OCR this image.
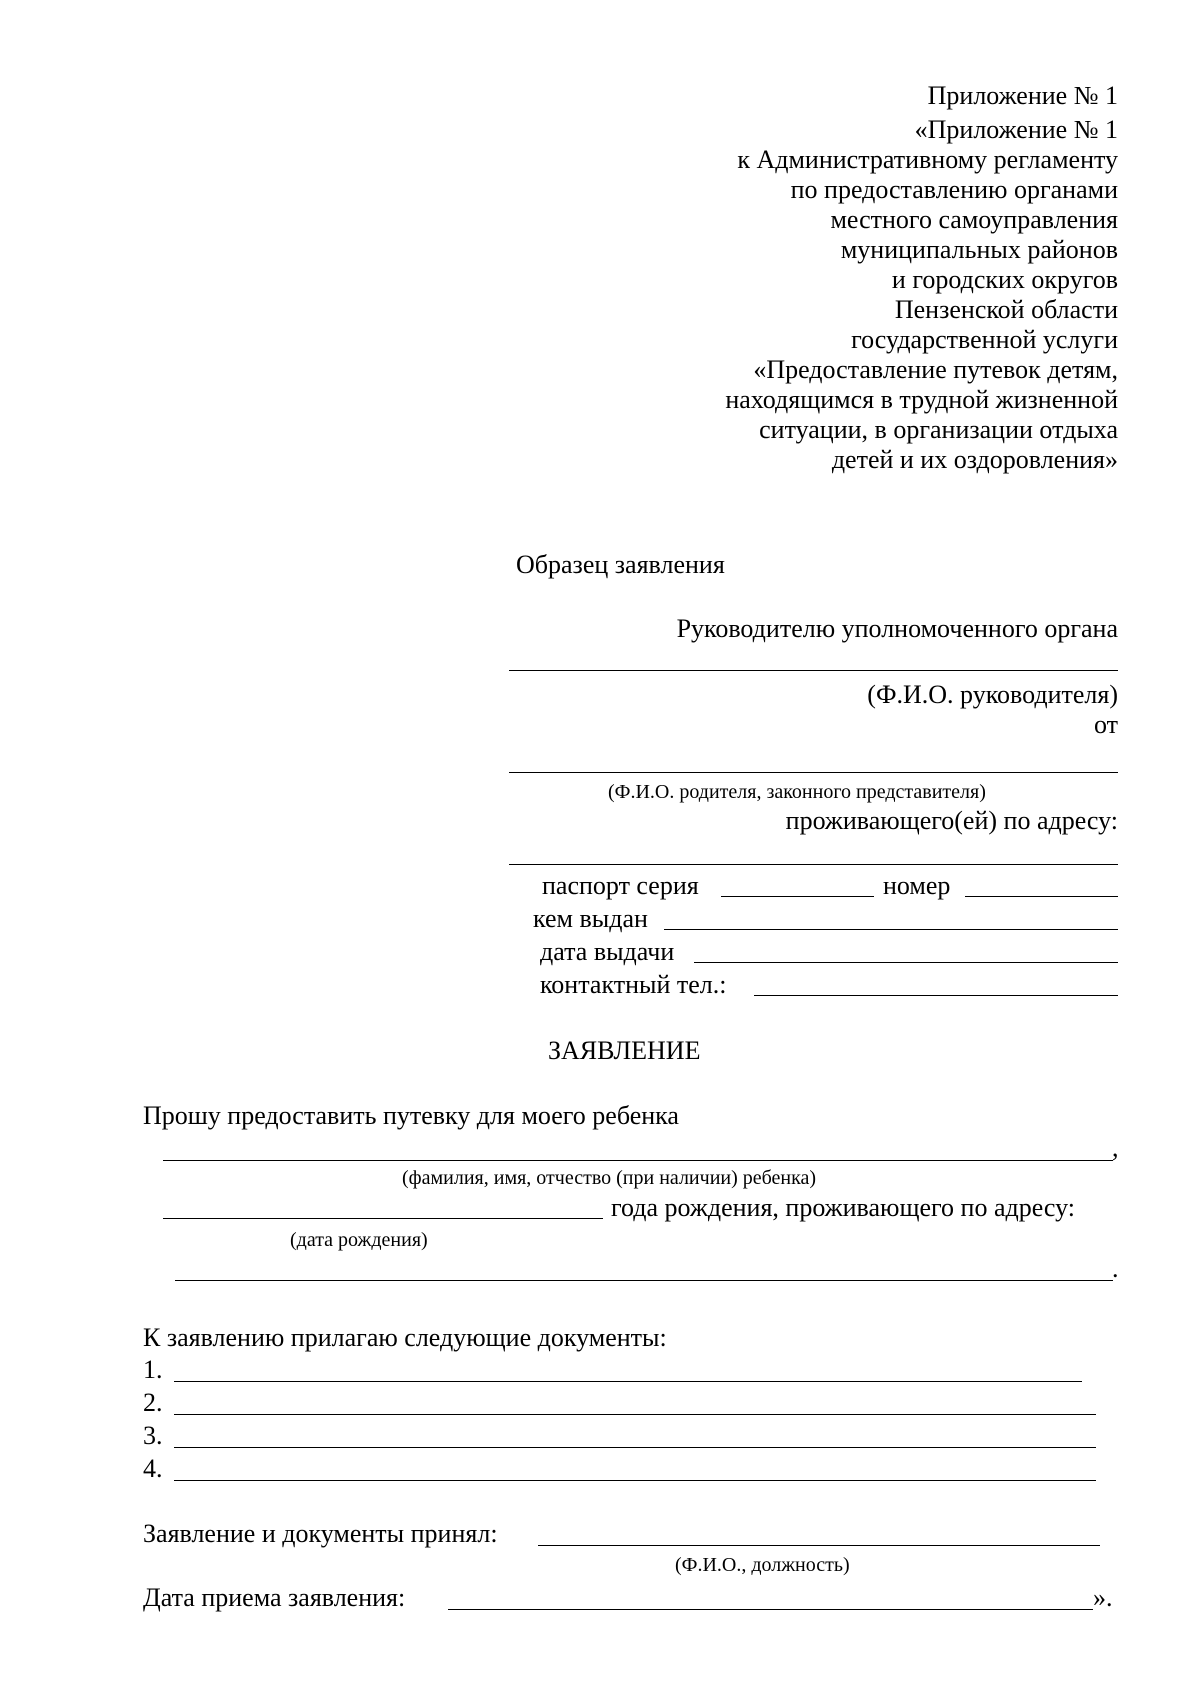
Приложение № 1
«Приложение № 1
к Административному регламенту
по предоставлению органами
местного самоуправления
муниципальных районов
и городских округов
Пензенской области
государственной услуги
«Предоставление путевок детям,
находящимся в трудной жизненной
ситуации, в организации отдыха
детей и их оздоровления»
Образец заявления
Руководителю уполномоченного органа
(Ф.И.О. руководителя)
от
(Ф.И.О. родителя, законного представителя)
проживающего(ей) по адресу:
паспорт серия	номер
кем выдан
дата выдачи
контактный тел.:
ЗАЯВЛЕНИЕ
Прошу предоставить путевку для моего ребенка
,
(фамилия, имя, отчество (при наличии) ребенка)
года рождения, проживающего по адресу:
(дата рождения)
.
К заявлению прилагаю следующие документы:
1.
2.
3.
4.
Заявление и документы принял:
(Ф.И.О., должность)
Дата приема заявления:	».
